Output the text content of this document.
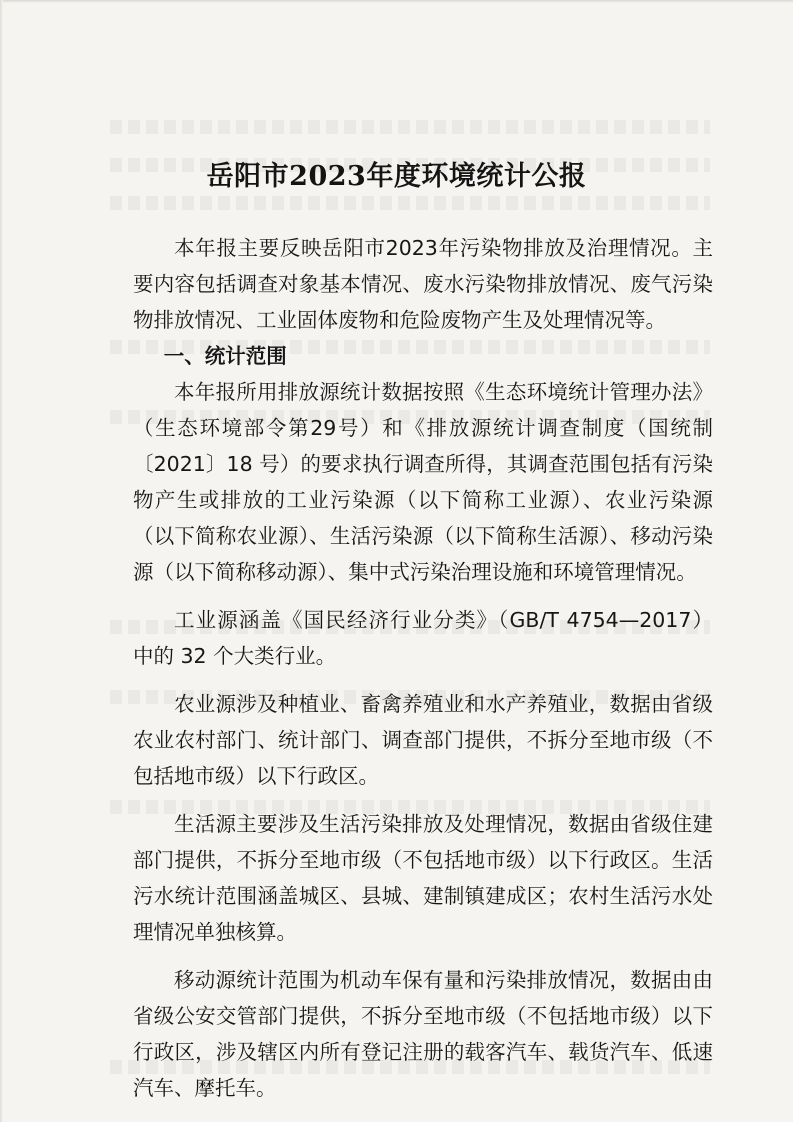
岳阳市2023年度环境统计公报

本年报主要反映岳阳市2023年污染物排放及治理情况。主要内容包括调查对象基本情况、废水污染物排放情况、废气污染物排放情况、工业固体废物和危险废物产生及处理情况等。

一、统计范围

本年报所用排放源统计数据按照《生态环境统计管理办法》（生态环境部令第29号）和《排放源统计调查制度（国统制〔2021〕18 号）的要求执行调查所得，其调查范围包括有污染物产生或排放的工业污染源（以下简称工业源）、农业污染源（以下简称农业源）、生活污染源（以下简称生活源）、移动污染源（以下简称移动源）、集中式污染治理设施和环境管理情况。

工业源涵盖《国民经济行业分类》（GB/T 4754—2017）中的 32 个大类行业。

农业源涉及种植业、畜禽养殖业和水产养殖业，数据由省级农业农村部门、统计部门、调查部门提供，不拆分至地市级（不包括地市级）以下行政区。

生活源主要涉及生活污染排放及处理情况，数据由省级住建部门提供，不拆分至地市级（不包括地市级）以下行政区。生活污水统计范围涵盖城区、县城、建制镇建成区；农村生活污水处理情况单独核算。

移动源统计范围为机动车保有量和污染排放情况，数据由由省级公安交管部门提供，不拆分至地市级（不包括地市级）以下行政区，涉及辖区内所有登记注册的载客汽车、载货汽车、低速汽车、摩托车。
